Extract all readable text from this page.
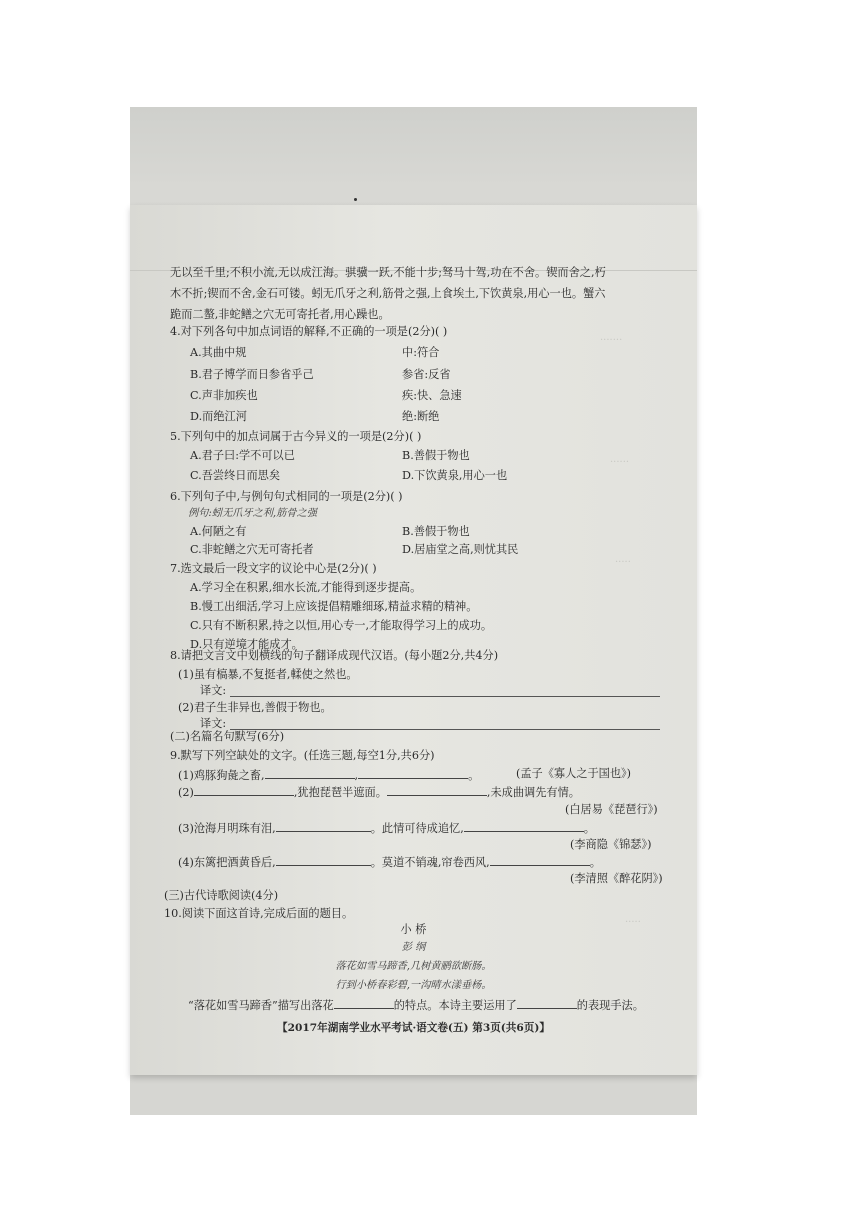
·······
······
·····
·····
无以至千里;不积小流,无以成江海。骐骥一跃,不能十步;驽马十驾,功在不舍。锲而舍之,朽
木不折;锲而不舍,金石可镂。蚓无爪牙之利,筋骨之强,上食埃土,下饮黄泉,用心一也。蟹六
跪而二螯,非蛇鳝之穴无可寄托者,用心躁也。
4.对下列各句中加点词语的解释,不正确的一项是(2分)( )
A.其曲中规	中:符合
B.君子博学而日参省乎己	参省:反省
C.声非加疾也	疾:快、急速
D.而绝江河	绝:断绝
5.下列句中的加点词属于古今异义的一项是(2分)( )
A.君子曰:学不可以已	B.善假于物也
C.吾尝终日而思矣	D.下饮黄泉,用心一也
6.下列句子中,与例句句式相同的一项是(2分)( )
例句:蚓无爪牙之利,筋骨之强
A.何陋之有	B.善假于物也
C.非蛇鳝之穴无可寄托者	D.居庙堂之高,则忧其民
7.选文最后一段文字的议论中心是(2分)( )
A.学习全在积累,细水长流,才能得到逐步提高。
B.慢工出细活,学习上应该提倡精雕细琢,精益求精的精神。
C.只有不断积累,持之以恒,用心专一,才能取得学习上的成功。
D.只有逆境才能成才。
8.请把文言文中划横线的句子翻译成现代汉语。(每小题2分,共4分)
(1)虽有槁暴,不复挺者,輮使之然也。
译文:
(2)君子生非异也,善假于物也。
译文:
(二)名篇名句默写(6分)
9.默写下列空缺处的文字。(任选三题,每空1分,共6分)
(1)鸡豚狗彘之畜,	,	。	(孟子《寡人之于国也》)
(2)	,犹抱琵琶半遮面。	,未成曲调先有情。
(白居易《琵琶行》)
(3)沧海月明珠有泪,	。此情可待成追忆,	。
(李商隐《锦瑟》)
(4)东篱把酒黄昏后,	。莫道不销魂,帘卷西风,	。
(李清照《醉花阴》)
(三)古代诗歌阅读(4分)
10.阅读下面这首诗,完成后面的题目。
小 桥
彭 䌹
落花如雪马蹄香,几树黄鹂欲断肠。
行到小桥春彩碧,一沟晴水漾垂杨。
“落花如雪马蹄香”描写出落花	的特点。本诗主要运用了	的表现手法。
【2017年湖南学业水平考试·语文卷(五) 第3页(共6页)】
